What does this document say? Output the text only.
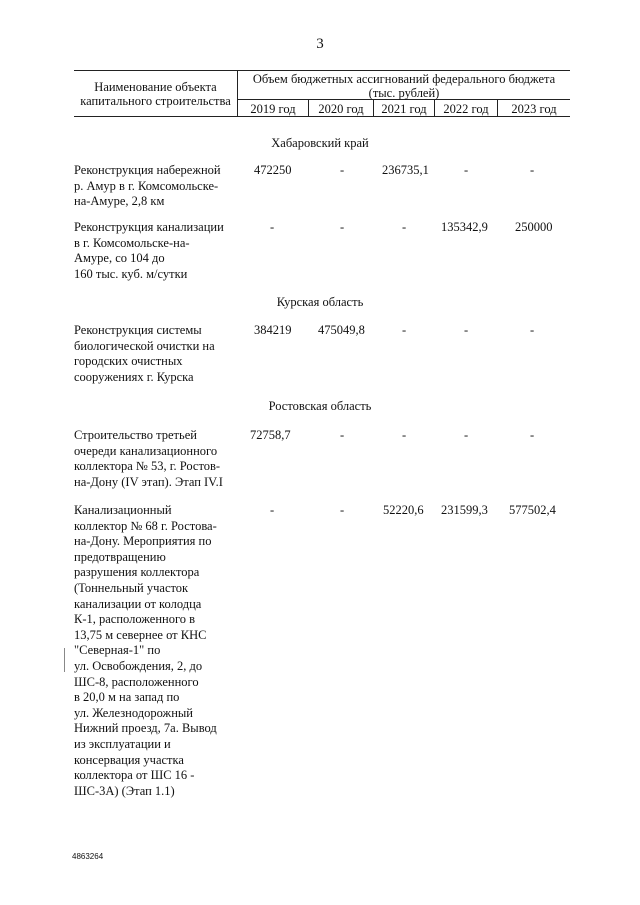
3
Наименование объекта
капитального строительства
Объем бюджетных ассигнований федерального бюджета
(тыс. рублей)
2019 год	2020 год	2021 год	2022 год	2023 год
Хабаровский край
Реконструкция набережной
р. Амур в г. Комсомольске-
на-Амуре, 2,8 км
472250	-	236735,1	-	-
Реконструкция канализации
в г. Комсомольске-на-
Амуре, со 104 до
160 тыс. куб. м/сутки
-	-	-	135342,9 250000
Курская область
Реконструкция системы
биологической очистки на
городских очистных
сооружениях г. Курска
384219 475049,8	-	-	-
Ростовская область
Строительство третьей
очереди канализационного
коллектора № 53, г. Ростов-
на-Дону (IV этап). Этап IV.I
72758,7	-	-	-	-
Канализационный
коллектор № 68 г. Ростова-
на-Дону. Мероприятия по
предотвращению
разрушения коллектора
(Тоннельный участок
канализации от колодца
К-1, расположенного в
13,75 м севернее от КНС
"Северная-1" по
ул. Освобождения, 2, до
ШС-8, расположенного
в 20,0 м на запад по
ул. Железнодорожный
Нижний проезд, 7а. Вывод
из эксплуатации и
консервация участка
коллектора от ШС 16 -
ШС-3А) (Этап 1.1)
-	-	52220,6 231599,3 577502,4
4863264
